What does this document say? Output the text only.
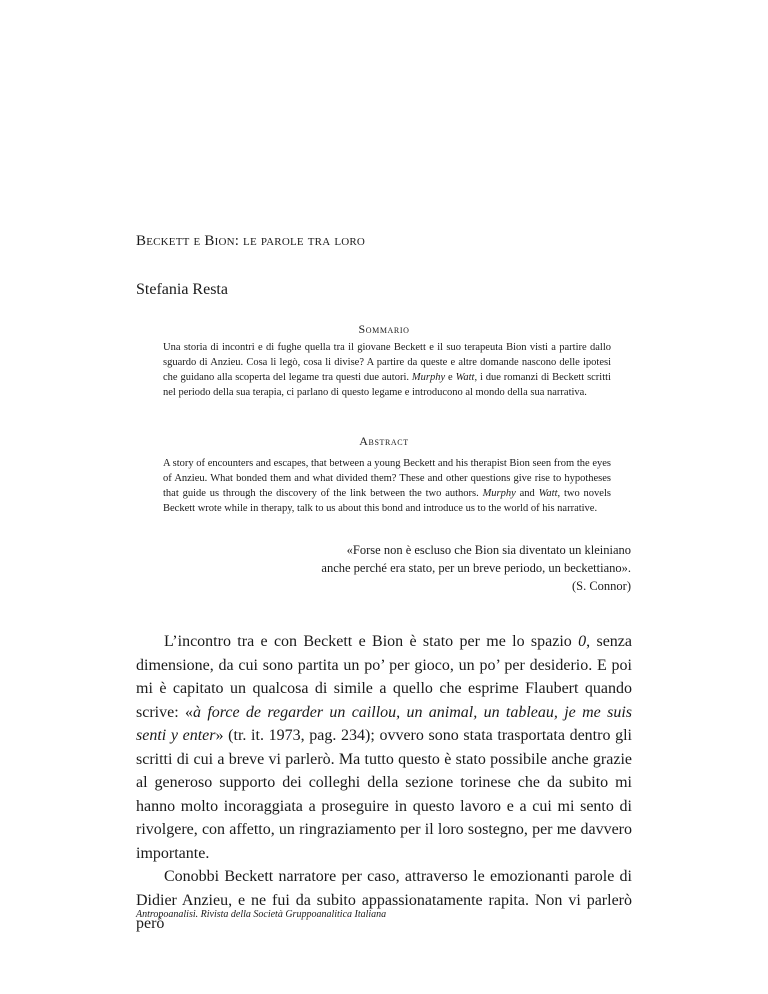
Beckett e Bion: le parole tra loro
Stefania Resta
Sommario
Una storia di incontri e di fughe quella tra il giovane Beckett e il suo terapeuta Bion visti a partire dallo sguardo di Anzieu. Cosa li legò, cosa li divise? A partire da queste e altre domande nascono delle ipotesi che guidano alla scoperta del legame tra questi due autori. Murphy e Watt, i due romanzi di Beckett scritti nel periodo della sua terapia, ci parlano di questo legame e introducono al mondo della sua narrativa.
Abstract
A story of encounters and escapes, that between a young Beckett and his therapist Bion seen from the eyes of Anzieu. What bonded them and what divided them? These and other questions give rise to hypotheses that guide us through the discovery of the link between the two authors. Murphy and Watt, two novels Beckett wrote while in therapy, talk to us about this bond and introduce us to the world of his narrative.
«Forse non è escluso che Bion sia diventato un kleiniano
anche perché era stato, per un breve periodo, un beckettiano».
(S. Connor)

L’incontro tra e con Beckett e Bion è stato per me lo spazio 0, senza dimensione, da cui sono partita un po’ per gioco, un po’ per desiderio. E poi mi è capitato un qualcosa di simile a quello che esprime Flaubert quando scrive: «à force de regarder un caillou, un animal, un tableau, je me suis senti y enter» (tr. it. 1973, pag. 234); ovvero sono stata trasportata dentro gli scritti di cui a breve vi parlerò. Ma tutto questo è stato possibile anche grazie al generoso supporto dei colleghi della sezione torinese che da subito mi hanno molto incoraggiata a proseguire in questo lavoro e a cui mi sento di rivolgere, con affetto, un ringraziamento per il loro sostegno, per me davvero importante.

Conobbi Beckett narratore per caso, attraverso le emozionanti parole di Didier Anzieu, e ne fui da subito appassionatamente rapita. Non vi parlerò però

Antropoanalisi. Rivista della Società Gruppoanalitica Italiana
